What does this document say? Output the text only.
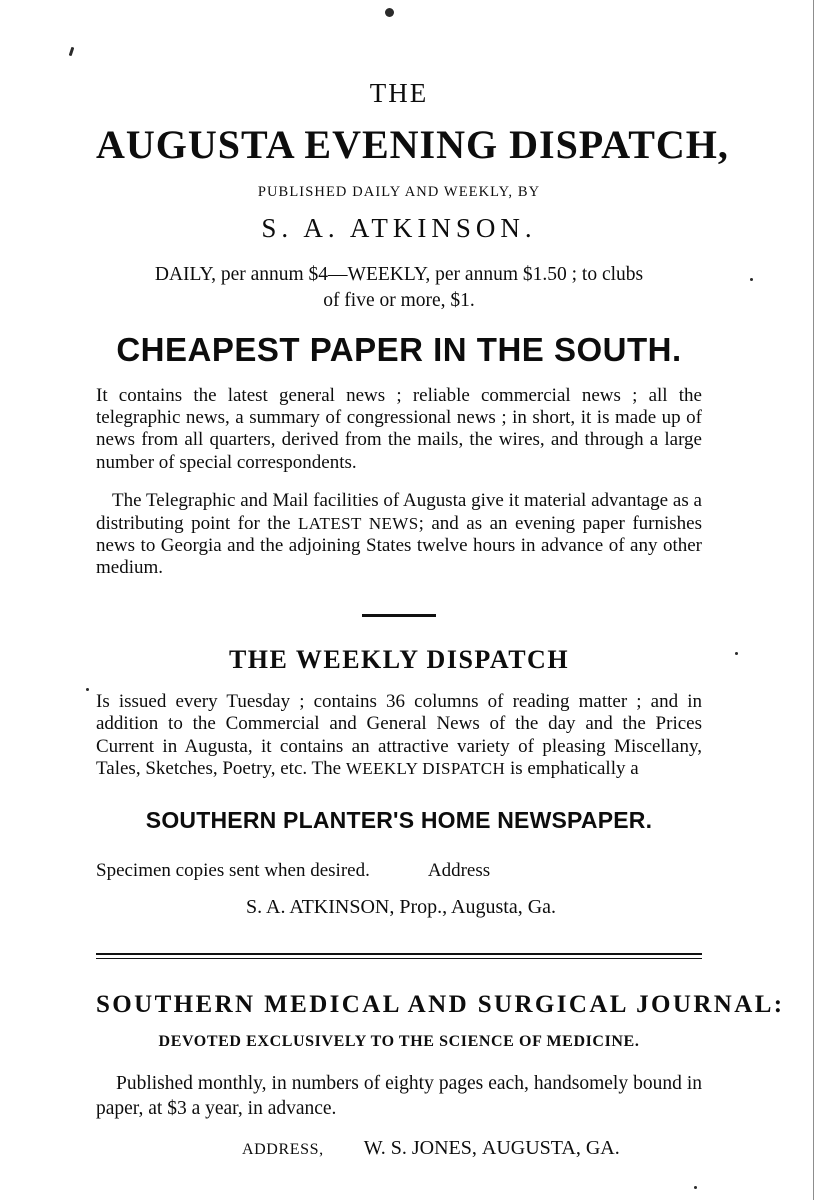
THE
AUGUSTA EVENING DISPATCH,
PUBLISHED DAILY AND WEEKLY, BY
S. A. ATKINSON.
DAILY, per annum $4—WEEKLY, per annum $1.50 ; to clubs
of five or more, $1.
CHEAPEST PAPER IN THE SOUTH.
It contains the latest general news ; reliable commercial news ; all the telegraphic news, a summary of congressional news ; in short, it is made up of news from all quarters, derived from the mails, the wires, and through a large number of special correspondents.
The Telegraphic and Mail facilities of Augusta give it material advantage as a distributing point for the LATEST NEWS; and as an evening paper furnishes news to Georgia and the adjoining States twelve hours in advance of any other medium.
THE WEEKLY DISPATCH
Is issued every Tuesday ; contains 36 columns of reading matter ; and in addition to the Commercial and General News of the day and the Prices Current in Augusta, it contains an attractive variety of pleasing Miscellany, Tales, Sketches, Poetry, etc. The WEEKLY DISPATCH is emphatically a
SOUTHERN PLANTER'S HOME NEWSPAPER.
Specimen copies sent when desired.	Address
S. A. ATKINSON, Prop., Augusta, Ga.
SOUTHERN MEDICAL AND SURGICAL JOURNAL:
DEVOTED EXCLUSIVELY TO THE SCIENCE OF MEDICINE.
Published monthly, in numbers of eighty pages each, handsomely bound in paper, at $3 a year, in advance.
ADDRESS, W. S. JONES, AUGUSTA, GA.
